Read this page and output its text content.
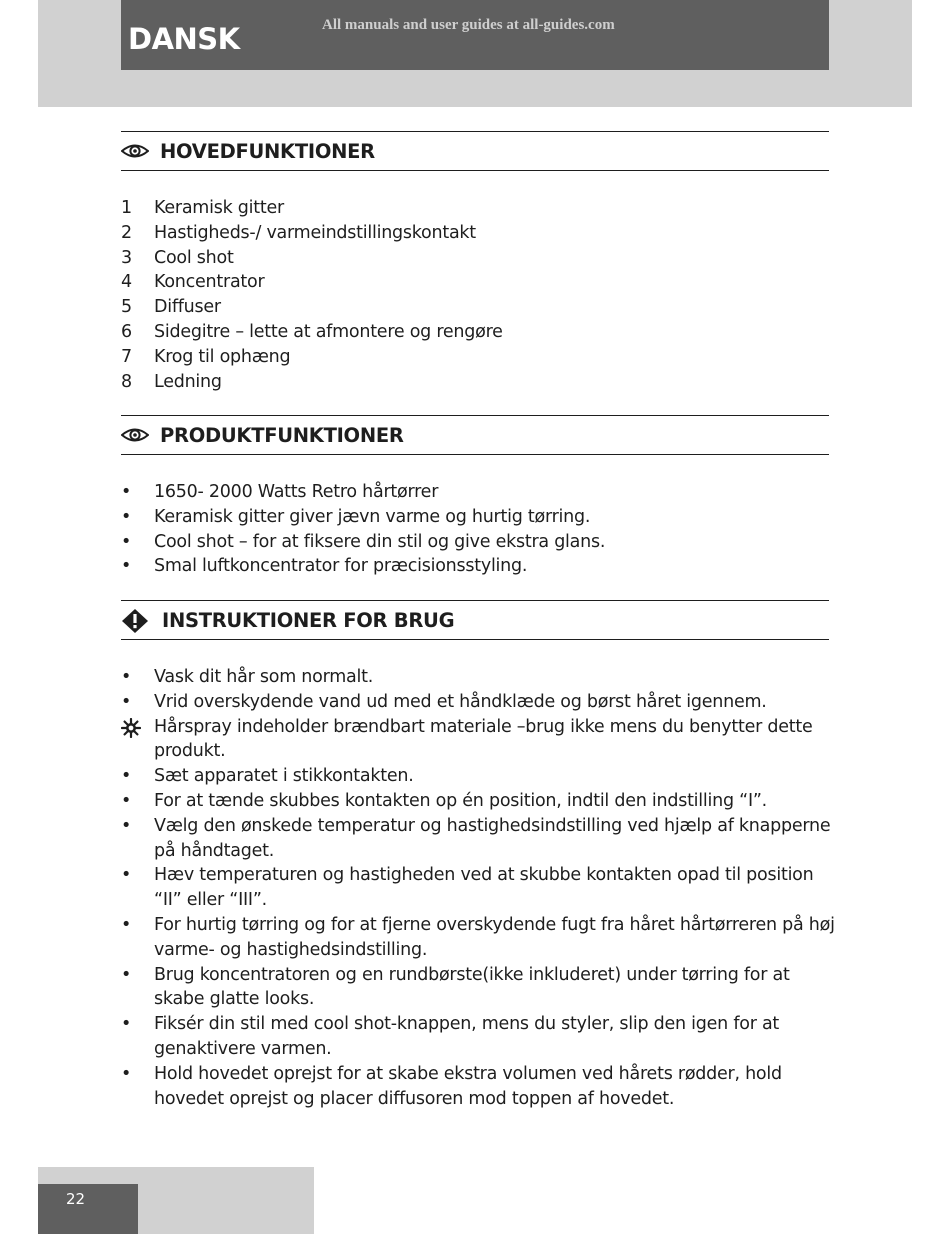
DANSK	All manuals and user guides at all-guides.com
HOVEDFUNKTIONER
1 Keramisk gitter
2 Hastigheds-/ varmeindstillingskontakt
3 Cool shot
4 Koncentrator
5 Diffuser
6 Sidegitre – lette at afmontere og rengøre
7 Krog til ophæng
8 Ledning
PRODUKTFUNKTIONER
• 1650- 2000 Watts Retro hårtørrer
• Keramisk gitter giver jævn varme og hurtig tørring.
• Cool shot – for at fiksere din stil og give ekstra glans.
• Smal luftkoncentrator for præcisionsstyling.
INSTRUKTIONER FOR BRUG
• Vask dit hår som normalt.
• Vrid overskydende vand ud med et håndklæde og børst håret igennem.
Hårspray indeholder brændbart materiale –brug ikke mens du benytter dette produkt.
• Sæt apparatet i stikkontakten.
• For at tænde skubbes kontakten op én position, indtil den indstilling “I”.
• Vælg den ønskede temperatur og hastighedsindstilling ved hjælp af knapperne på håndtaget.
• Hæv temperaturen og hastigheden ved at skubbe kontakten opad til position “II” eller “III”.
• For hurtig tørring og for at fjerne overskydende fugt fra håret hårtørreren på høj varme- og hastighedsindstilling.
• Brug koncentratoren og en rundbørste(ikke inkluderet) under tørring for at skabe glatte looks.
• Fiksér din stil med cool shot-knappen, mens du styler, slip den igen for at genaktivere varmen.
• Hold hovedet oprejst for at skabe ekstra volumen ved hårets rødder, hold hovedet oprejst og placer diffusoren mod toppen af hovedet.
22
